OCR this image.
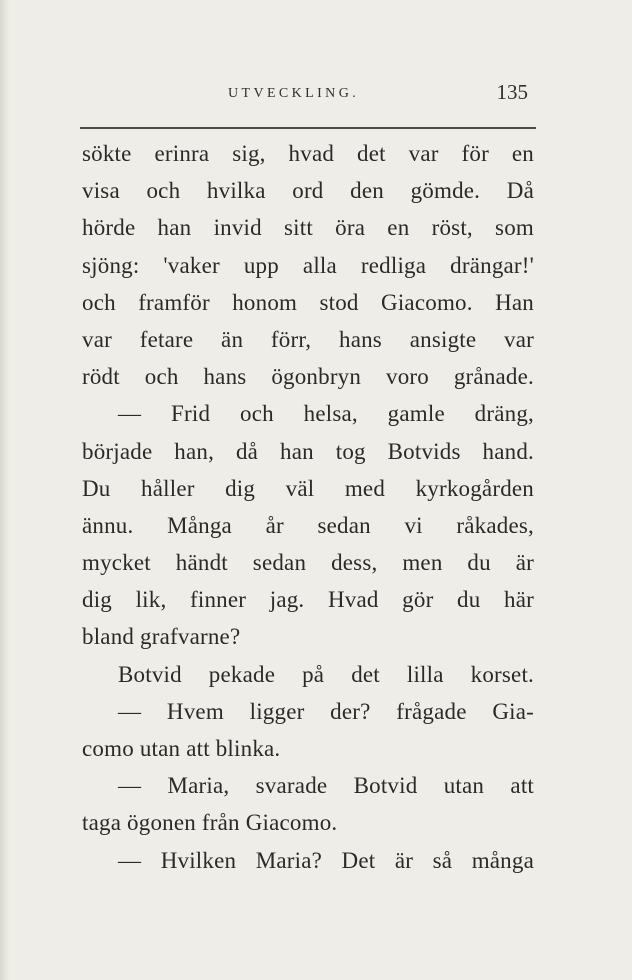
UTVECKLING.	135
sökte erinra sig, hvad det var för en
visa och hvilka ord den gömde. Då
hörde han invid sitt öra en röst, som
sjöng: 'vaker upp alla redliga drängar!'
och framför honom stod Giacomo. Han
var fetare än förr, hans ansigte var
rödt och hans ögonbryn voro grånade.
— Frid och helsa, gamle dräng,
började han, då han tog Botvids hand.
Du håller dig väl med kyrkogården
ännu. Många år sedan vi råkades,
mycket händt sedan dess, men du är
dig lik, finner jag. Hvad gör du här
bland grafvarne?
Botvid pekade på det lilla korset.
— Hvem ligger der? frågade Gia-
como utan att blinka.
— Maria, svarade Botvid utan att
taga ögonen från Giacomo.
— Hvilken Maria? Det är så många
